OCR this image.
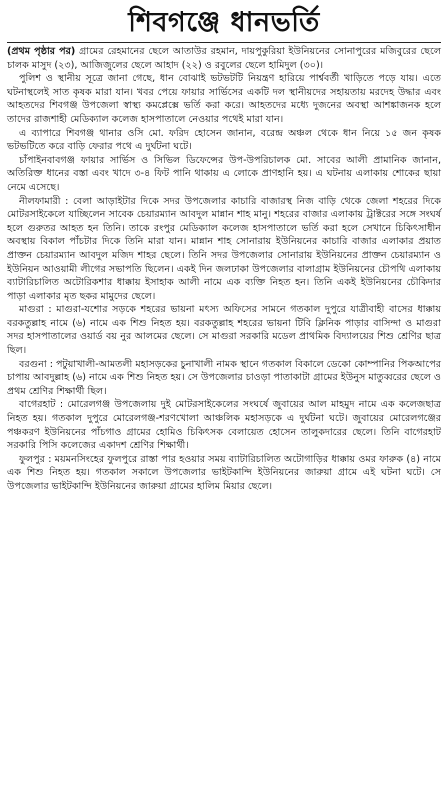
শিবগঞ্জে ধানভর্তি

(প্রথম পৃষ্ঠার পর) গ্রামের রেহমানের ছেলে আতাউর রহমান, দায়পুকুরিয়া ইউনিয়নের সোনাপুরের মজিবুরের ছেলে চালক মাসুদ (২৩), আজিজুলের ছেলে আহাদ (২২) ও রবুলের ছেলে হামিদুল (৩০)।

পুলিশ ও স্থানীয় সূত্রে জানা গেছে, ধান বোঝাই ভটভটটি নিয়ন্ত্রণ হারিয়ে পার্শ্ববর্তী খাড়িতে পড়ে যায়। এতে ঘটনাস্থলেই সাত কৃষক মারা যান। খবর পেয়ে ফায়ার সার্ভিসের একটি দল স্থানীয়দের সহায়তায় মরদেহ উদ্ধার এবং আহতদের শিবগঞ্জ উপজেলা স্বাস্থ্য কমপ্লেক্সে ভর্তি করা করে। আহতদের মধ্যে দুজনের অবস্থা আশঙ্কাজনক হলে তাদের রাজশাহী মেডিক্যাল কলেজ হাসপাতালে নেওয়ার পথেই মারা যান।

এ ব্যাপারে শিবগঞ্জ থানার ওসি মো. ফরিদ হোসেন জানান, বরেন্দ্র অঞ্চল থেকে ধান নিয়ে ১৫ জন কৃষক ভটভটিতে করে বাড়ি ফেরার পথে এ দুর্ঘটনা ঘটে।

চাঁপাইনবাবগঞ্জ ফায়ার সার্ভিস ও সিভিল ডিফেন্সের উপ-উপরিচালক মো. সাবের আলী প্রামানিক জানান, অতিরিক্ত ধানের বস্তা এবং খাদে ৩-৪ ফিট পানি থাকায় এ লোকে প্রাণহানি হয়। এ ঘটনায় এলাকায় শোকের ছায়া নেমে এসেছে।

নীলফামারী : বেলা আড়াইটার দিকে সদর উপজেলার কাচারি বাজারস্থ নিজ বাড়ি থেকে জেলা শহরের দিকে মোটরসাইকেলে যাচ্ছিলেন সাবেক চেয়ারম্যান আবদুল মান্নান শাহ মানু। শহরের বাজার এলাকায় ট্রাক্টরের সঙ্গে সংঘর্ষ হলে গুরুতর আহত হন তিনি। তাকে রংপুর মেডিক্যাল কলেজ হাসপাতালে ভর্তি করা হলে সেখানে চিকিৎসাধীন অবস্থায় বিকাল পাঁচটার দিকে তিনি মারা যান। মান্নান শাহ সোনারায় ইউনিয়নের কাচারি বাজার এলাকার প্রয়াত প্রাক্তন চেয়ারম্যান আবদুল মজিদ শাহর ছেলে। তিনি সদর উপজেলার সোনারায় ইউনিয়নের প্রাক্তন চেয়ারম্যান ও ইউনিয়ন আওয়ামী লীগের সভাপতি ছিলেন। একই দিন জলঢাকা উপজেলার বালাগ্রাম ইউনিয়নের চৌপথি এলাকায় ব্যাটারিচালিত অটোরিকশার ধাক্কায় ইসাহাক আলী নামে এক ব্যক্তি নিহত হন। তিনি একই ইউনিয়নের চৌকিদার পাড়া এলাকার মৃত ছকর মামুদের ছেলে।

মাগুরা : মাগুরা-যশোর সড়কে শহরের ভায়না মৎস্য অফিসের সামনে গতকাল দুপুরে যাত্রীবাহী বাসের ধাক্কায় বরকতুল্লাহ নামে (৬) নামে এক শিশু নিহত হয়। বরকতুল্লাহ শহরের ভায়না টিবি ক্লিনিক পাড়ার বাসিন্দা ও মাগুরা সদর হাসপাতালের ওয়ার্ড বয় নুর আলমের ছেলে। সে মাগুরা সরকারি মডেল প্রাথমিক বিদ্যালয়ের শিশু শ্রেণির ছাত্র ছিল।

বরগুনা : পটুয়াখালী-আমতলী মহাসড়কের চুনাখালী নামক স্থানে গতকাল বিকালে ডেকো কোম্পানির পিকআপের চাপায় আবদুল্লাহ (৬) নামে এক শিশু নিহত হয়। সে উপজেলার চাওড়া পাতাকাটা গ্রামের ইউনুস মাতুব্বরের ছেলে ও প্রথম শ্রেণির শিক্ষার্থী ছিল।

বাগেরহাট : মোরেলগঞ্জ উপজেলায় দুই মোটরসাইকেলের সংঘর্ষে জুবায়ের আল মাহমুদ নামে এক কলেজছাত্র নিহত হয়। গতকাল দুপুরে মোরেলগঞ্জ-শরণখোলা আঞ্চলিক মহাসড়কে এ দুর্ঘটনা ঘটে। জুবায়ের মোরেলগঞ্জের পঞ্চকরণ ইউনিয়নের পাঁচগাও গ্রামের হোমিও চিকিৎসক বেলায়েত হোসেন তালুকদারের ছেলে। তিনি বাগেরহাট সরকারি পিসি কলেজের একাদশ শ্রেণির শিক্ষার্থী।

ফুলপুর : ময়মনসিংহের ফুলপুরে রাস্তা পার হওয়ার সময় ব্যাটারিচালিত অটোগাড়ির ধাক্কায় ওমর ফারুক (৪) নামে এক শিশু নিহত হয়। গতকাল সকালে উপজেলার ভাইটকান্দি ইউনিয়নের জারুয়া গ্রামে এই ঘটনা ঘটে। সে উপজেলার ভাইটকান্দি ইউনিয়নের জারুয়া গ্রামের হালিম মিয়ার ছেলে।
